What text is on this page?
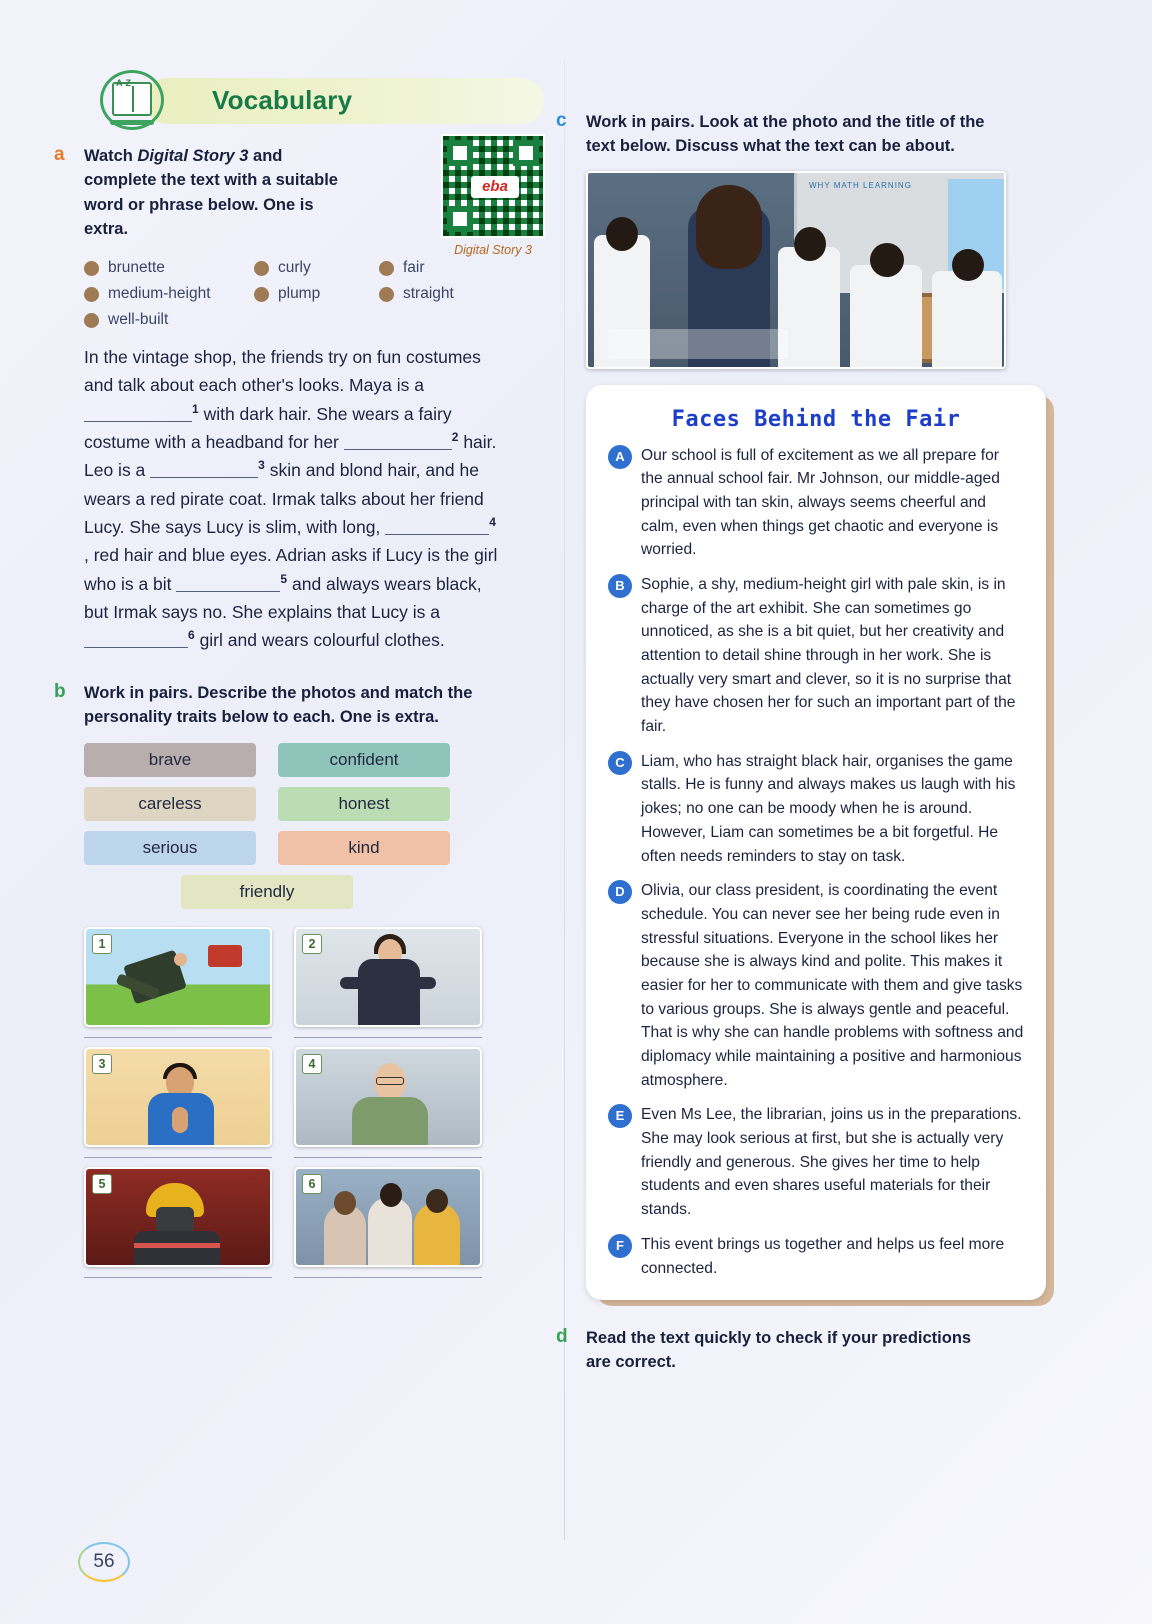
A-Z
Vocabulary
a
eba
Digital Story 3
Watch Digital Story 3 and complete the text with a suitable word or phrase below. One is extra.
brunette	curly	fair
medium-height	plump	straight
well-built
In the vintage shop, the friends try on fun costumes and talk about each other's looks. Maya is a $^1$ with dark hair. She wears a fairy costume with a headband for her	$^2$ hair. Leo is a	$^3$ skin and blond hair, and he wears a red pirate coat. Irmak talks about her friend Lucy. She says Lucy is slim, with long,	$^4$ , red hair and blue eyes. Adrian asks if Lucy is the girl who is a bit	$^5$ and always wears black, but Irmak says no. She explains that Lucy is a $^6$ girl and wears colourful clothes.
b Work in pairs. Describe the photos and match the personality traits below to each. One is extra.
brave	confident
careless	honest
serious	kind
friendly
1	2
3	4
5	6
c Work in pairs. Look at the photo and the title of the text below. Discuss what the text can be about.
WHY MATH LEARNING
Faces Behind the Fair
A	Our school is full of excitement as we all prepare for the annual school fair. Mr Johnson, our middle-aged principal with tan skin, always seems cheerful and calm, even when things get chaotic and everyone is worried.
B	Sophie, a shy, medium-height girl with pale skin, is in charge of the art exhibit. She can sometimes go unnoticed, as she is a bit quiet, but her creativity and attention to detail shine through in her work. She is actually very smart and clever, so it is no surprise that they have chosen her for such an important part of the fair.
C	Liam, who has straight black hair, organises the game stalls. He is funny and always makes us laugh with his jokes; no one can be moody when he is around. However, Liam can sometimes be a bit forgetful. He often needs reminders to stay on task.
D	Olivia, our class president, is coordinating the event schedule. You can never see her being rude even in stressful situations. Everyone in the school likes her because she is always kind and polite. This makes it easier for her to communicate with them and give tasks to various groups. She is always gentle and peaceful. That is why she can handle problems with softness and diplomacy while maintaining a positive and harmonious atmosphere.
E	Even Ms Lee, the librarian, joins us in the preparations. She may look serious at first, but she is actually very friendly and generous. She gives her time to help students and even shares useful materials for their stands.
F	This event brings us together and helps us feel more connected.
d Read the text quickly to check if your predictions are correct.
56
